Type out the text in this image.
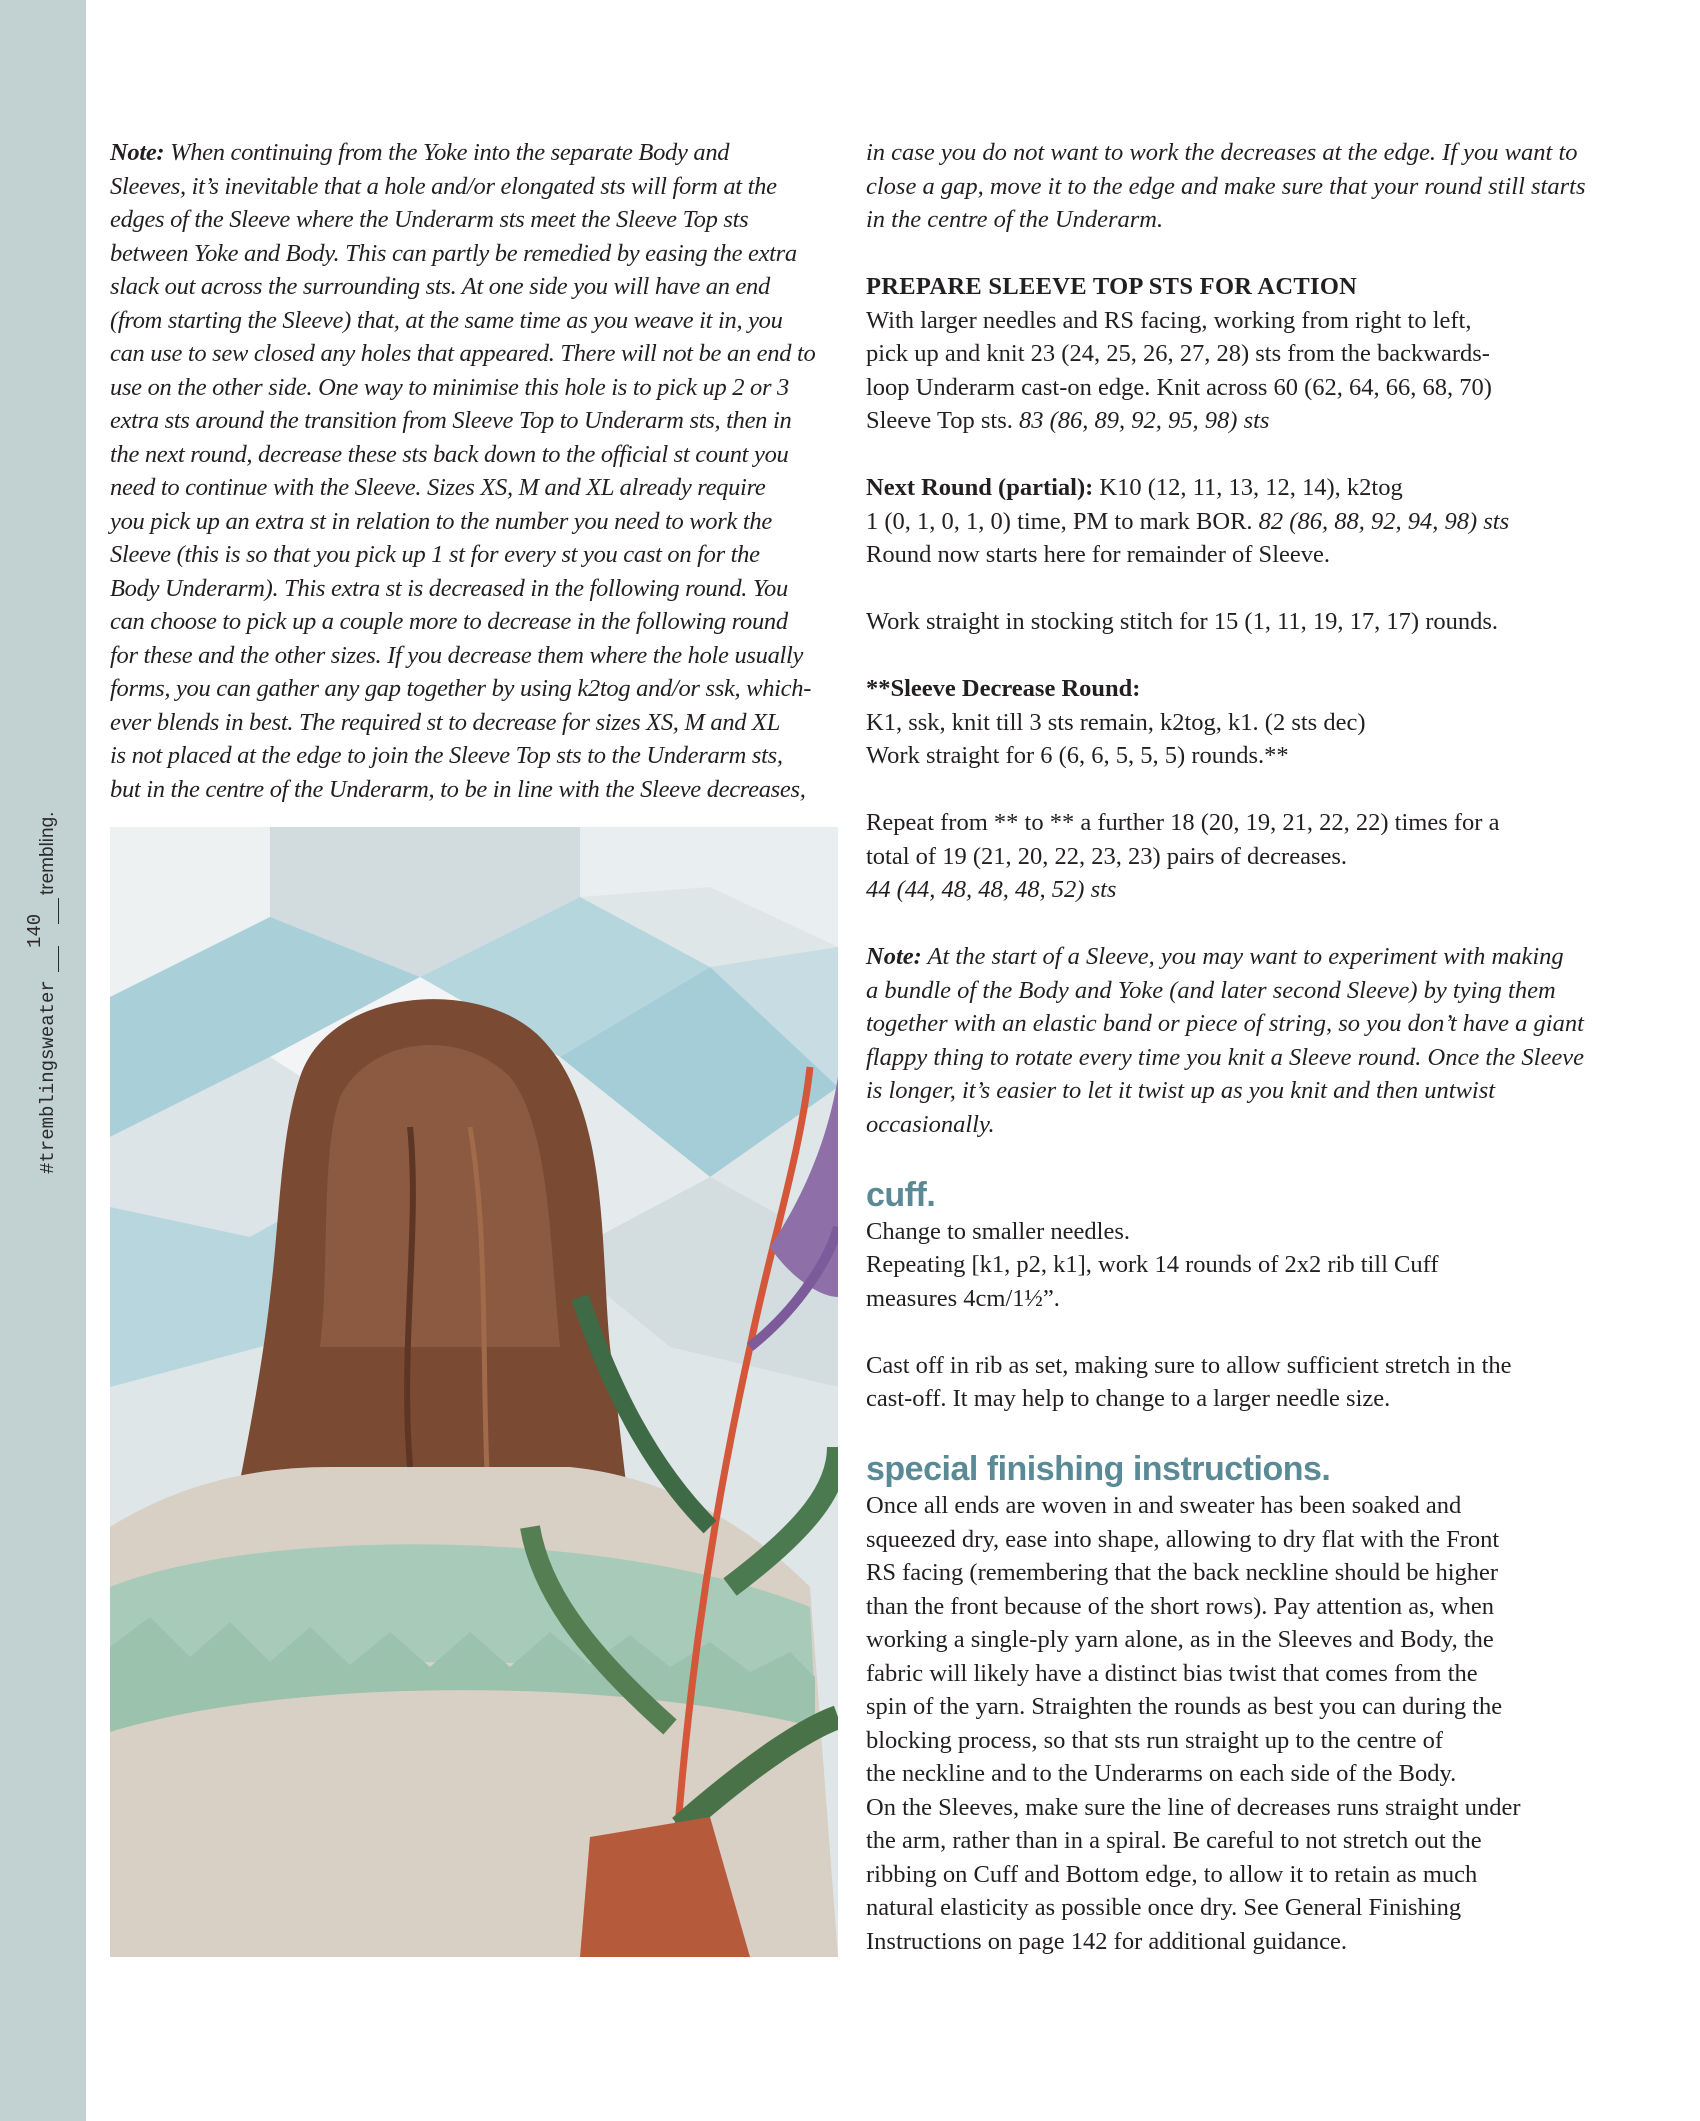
trembling.
140
#tremblingsweater
Note: When continuing from the Yoke into the separate Body and
Sleeves, it’s inevitable that a hole and/or elongated sts will form at the
edges of the Sleeve where the Underarm sts meet the Sleeve Top sts
between Yoke and Body. This can partly be remedied by easing the extra
slack out across the surrounding sts. At one side you will have an end
(from starting the Sleeve) that, at the same time as you weave it in, you
can use to sew closed any holes that appeared. There will not be an end to
use on the other side. One way to minimise this hole is to pick up 2 or 3
extra sts around the transition from Sleeve Top to Underarm sts, then in
the next round, decrease these sts back down to the official st count you
need to continue with the Sleeve. Sizes XS, M and XL already require
you pick up an extra st in relation to the number you need to work the
Sleeve (this is so that you pick up 1 st for every st you cast on for the
Body Underarm). This extra st is decreased in the following round. You
can choose to pick up a couple more to decrease in the following round
for these and the other sizes. If you decrease them where the hole usually
forms, you can gather any gap together by using k2tog and/or ssk, which-
ever blends in best. The required st to decrease for sizes XS, M and XL
is not placed at the edge to join the Sleeve Top sts to the Underarm sts,
but in the centre of the Underarm, to be in line with the Sleeve decreases,

in case you do not want to work the decreases at the edge. If you want to
close a gap, move it to the edge and make sure that your round still starts
in the centre of the Underarm.

PREPARE SLEEVE TOP STS FOR ACTION
With larger needles and RS facing, working from right to left,
pick up and knit 23 (24, 25, 26, 27, 28) sts from the backwards-
loop Underarm cast-on edge. Knit across 60 (62, 64, 66, 68, 70)
Sleeve Top sts. 83 (86, 89, 92, 95, 98) sts

Next Round (partial): K10 (12, 11, 13, 12, 14), k2tog
1 (0, 1, 0, 1, 0) time, PM to mark BOR. 82 (86, 88, 92, 94, 98) sts
Round now starts here for remainder of Sleeve.

Work straight in stocking stitch for 15 (1, 11, 19, 17, 17) rounds.

**Sleeve Decrease Round:
K1, ssk, knit till 3 sts remain, k2tog, k1. (2 sts dec)
Work straight for 6 (6, 6, 5, 5, 5) rounds.**

Repeat from ** to ** a further 18 (20, 19, 21, 22, 22) times for a
total of 19 (21, 20, 22, 23, 23) pairs of decreases.
44 (44, 48, 48, 48, 52) sts

Note: At the start of a Sleeve, you may want to experiment with making
a bundle of the Body and Yoke (and later second Sleeve) by tying them
together with an elastic band or piece of string, so you don’t have a giant
flappy thing to rotate every time you knit a Sleeve round. Once the Sleeve
is longer, it’s easier to let it twist up as you knit and then untwist
occasionally.

cuff.

Change to smaller needles.
Repeating [k1, p2, k1], work 14 rounds of 2x2 rib till Cuff
measures 4cm/1½”.

Cast off in rib as set, making sure to allow sufficient stretch in the
cast-off. It may help to change to a larger needle size.

special finishing instructions.

Once all ends are woven in and sweater has been soaked and
squeezed dry, ease into shape, allowing to dry flat with the Front
RS facing (remembering that the back neckline should be higher
than the front because of the short rows). Pay attention as, when
working a single-ply yarn alone, as in the Sleeves and Body, the
fabric will likely have a distinct bias twist that comes from the
spin of the yarn. Straighten the rounds as best you can during the
blocking process, so that sts run straight up to the centre of
the neckline and to the Underarms on each side of the Body.
On the Sleeves, make sure the line of decreases runs straight under
the arm, rather than in a spiral. Be careful to not stretch out the
ribbing on Cuff and Bottom edge, to allow it to retain as much
natural elasticity as possible once dry. See General Finishing
Instructions on page 142 for additional guidance.
